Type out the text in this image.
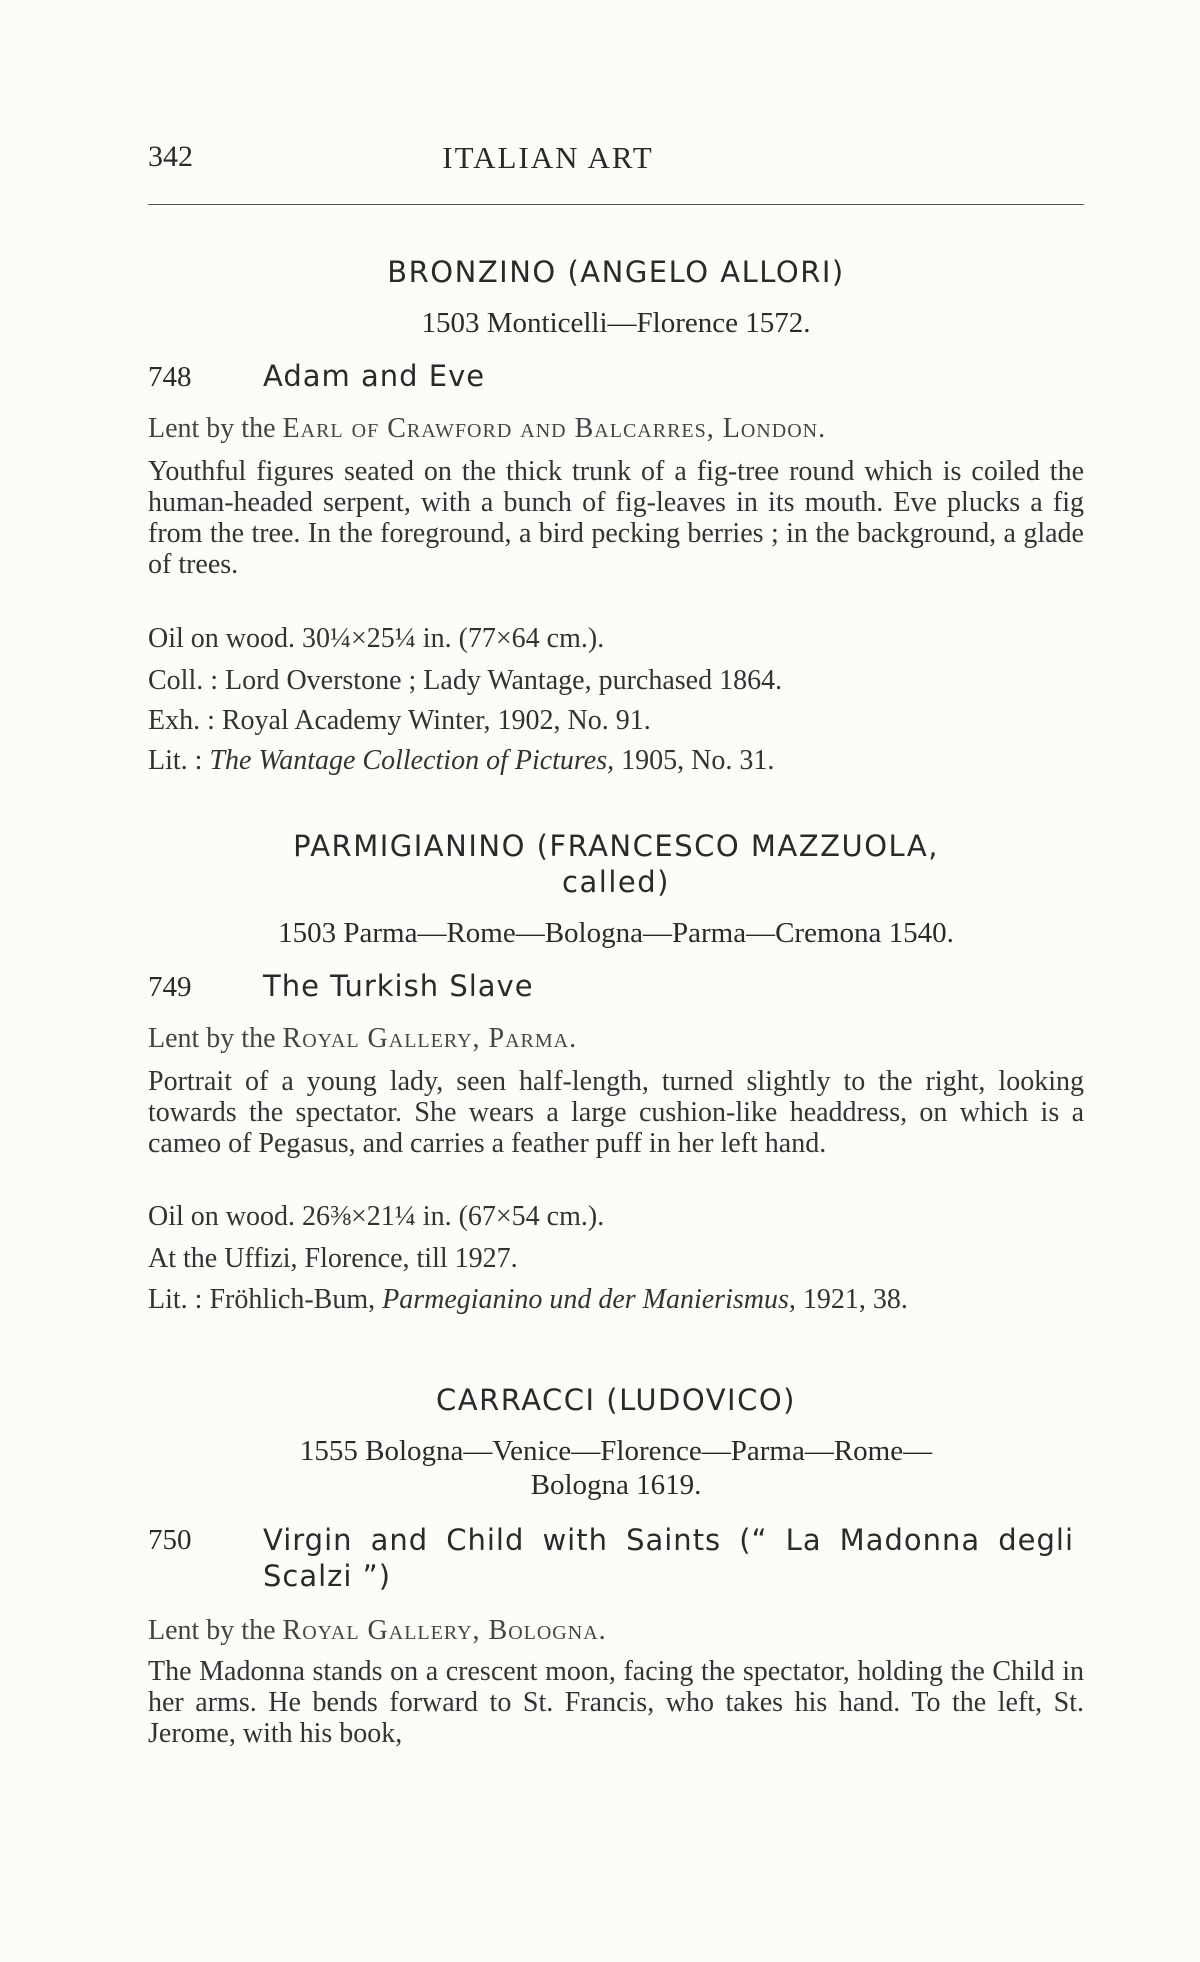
342	ITALIAN ART
BRONZINO (ANGELO ALLORI)
1503 Monticelli—Florence 1572.
748 Adam and Eve
Lent by the Earl of Crawford and Balcarres, London.
Youthful figures seated on the thick trunk of a fig-tree round which is coiled the human-headed serpent, with a bunch of fig-leaves in its mouth. Eve plucks a fig from the tree. In the foreground, a bird pecking berries ; in the background, a glade of trees.
Oil on wood. 30¼×25¼ in. (77×64 cm.).
Coll. : Lord Overstone ; Lady Wantage, purchased 1864.
Exh. : Royal Academy Winter, 1902, No. 91.
Lit. : The Wantage Collection of Pictures, 1905, No. 31.
PARMIGIANINO (FRANCESCO MAZZUOLA,
called)
1503 Parma—Rome—Bologna—Parma—Cremona 1540.
749 The Turkish Slave
Lent by the Royal Gallery, Parma.
Portrait of a young lady, seen half-length, turned slightly to the right, looking towards the spectator. She wears a large cushion-like headdress, on which is a cameo of Pegasus, and carries a feather puff in her left hand.
Oil on wood. 26⅜×21¼ in. (67×54 cm.).
At the Uffizi, Florence, till 1927.
Lit. : Fröhlich-Bum, Parmegianino und der Manierismus, 1921, 38.
CARRACCI (LUDOVICO)
1555 Bologna—Venice—Florence—Parma—Rome—
Bologna 1619.
750 Virgin and Child with Saints (“ La Madonna degli Scalzi ”)
Lent by the Royal Gallery, Bologna.
The Madonna stands on a crescent moon, facing the spectator, holding the Child in her arms. He bends forward to St. Francis, who takes his hand. To the left, St. Jerome, with his book,
